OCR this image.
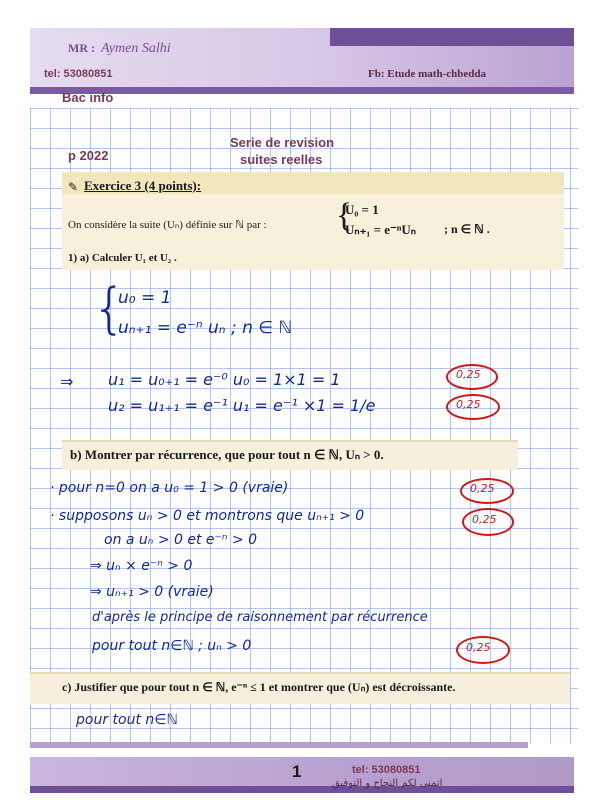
MR : Aymen Salhi
tel: 53080851	Fb: Etude math-chbedda
Bac info
p 2022
Serie de revision
suites reelles
✎ Exercice 3 (4 points):
On considère la suite (Uₙ) définie sur ℕ par : {
U₀ = 1
Uₙ₊₁ = e⁻ⁿUₙ ; n ∈ ℕ .
1) a) Calculer U₁ et U₂ .
{
u₀ = 1
uₙ₊₁ = e⁻ⁿ uₙ ; n ∈ ℕ
⇒ u₁ = u₀₊₁ = e⁻⁰ u₀ = 1×1 = 1
u₂ = u₁₊₁ = e⁻¹ u₁ = e⁻¹ ×1 = 1/e
0,25
0,25
b) Montrer par récurrence, que pour tout n ∈ ℕ, Uₙ > 0.
· pour n=0 on a u₀ = 1 > 0 (vraie)
· supposons uₙ > 0 et montrons que uₙ₊₁ > 0
on a uₙ > 0 et e⁻ⁿ > 0
⇒ uₙ × e⁻ⁿ > 0
⇒ uₙ₊₁ > 0 (vraie)
d'après le principe de raisonnement par récurrence
pour tout n∈ℕ ; uₙ > 0
0,25
0,25
0,25
c) Justifier que pour tout n ∈ ℕ, e⁻ⁿ ≤ 1 et montrer que (Uₙ) est décroissante.
pour tout n∈ℕ
1	tel: 53080851
اتمنى لكم النجاح و التوفيق
